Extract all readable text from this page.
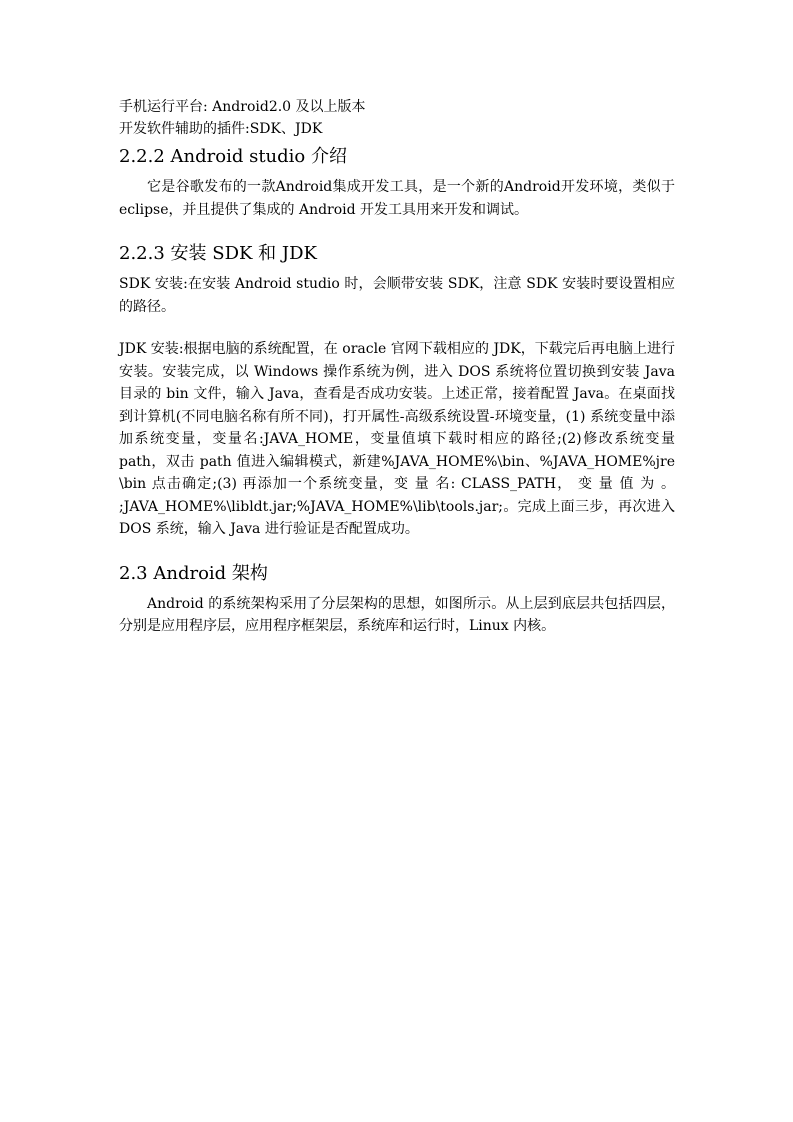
手机运行平台: Android2.0 及以上版本
开发软件辅助的插件:SDK、JDK
2.2.2 Android studio 介绍

它是谷歌发布的一款Android集成开发工具，是一个新的Android开发环境，类似于 eclipse，并且提供了集成的 Android 开发工具用来开发和调试。

2.2.3 安装 SDK 和 JDK

SDK 安装:在安装 Android studio 时，会顺带安装 SDK，注意 SDK 安装时要设置相应的路径。

JDK 安装:根据电脑的系统配置，在 oracle 官网下载相应的 JDK，下载完后再电脑上进行安装。安装完成，以 Windows 操作系统为例，进入 DOS 系统将位置切换到安装 Java 目录的 bin 文件，输入 Java，查看是否成功安装。上述正常，接着配置 Java。在桌面找到计算机(不同电脑名称有所不同)，打开属性-高级系统设置-环境变量，(1) 系统变量中添加系统变量，变量名:JAVA_HOME，变量值填下载时相应的路径;(2)修改系统变量 path，双击 path 值进入编辑模式，新建%JAVA_HOME%\bin、%JAVA_HOME%jre \bin 点击确定;(3) 再添加一个系统变量，变 量 名: CLASS_PATH， 变 量 值 为 。 ;JAVA_HOME%\libldt.jar;%JAVA_HOME%\lib\tools.jar;。完成上面三步，再次进入 DOS 系统，输入 Java 进行验证是否配置成功。

2.3 Android 架构

Android 的系统架构采用了分层架构的思想，如图所示。从上层到底层共包括四层，分别是应用程序层，应用程序框架层，系统库和运行时，Linux 内核。
